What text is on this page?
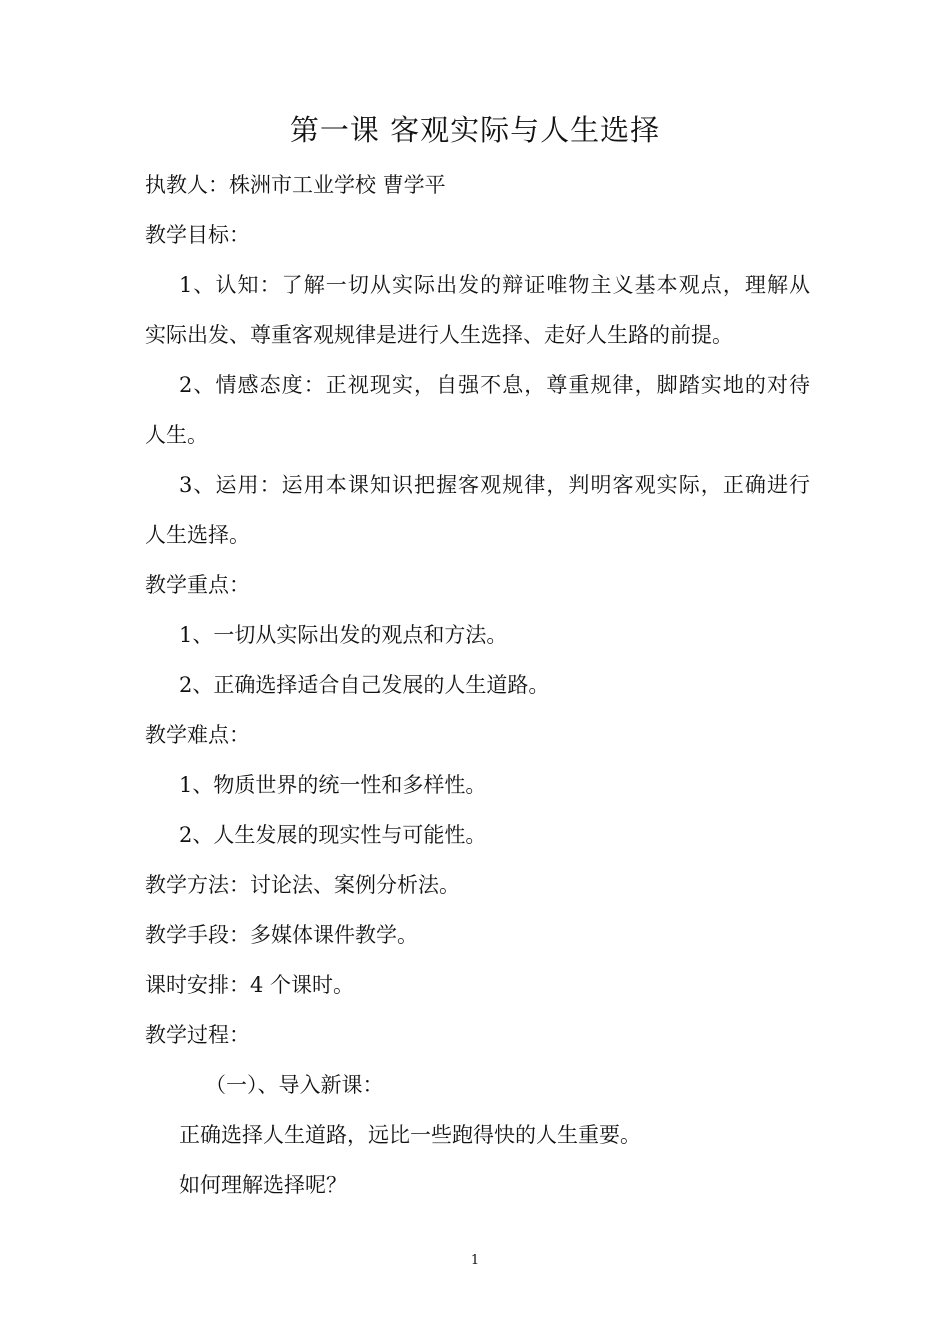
第一课 客观实际与人生选择
执教人：株洲市工业学校 曹学平
教学目标：
1、认知：了解一切从实际出发的辩证唯物主义基本观点，理解从
实际出发、尊重客观规律是进行人生选择、走好人生路的前提。
2、情感态度：正视现实，自强不息，尊重规律，脚踏实地的对待
人生。
3、运用：运用本课知识把握客观规律，判明客观实际，正确进行
人生选择。
教学重点：
1、一切从实际出发的观点和方法。
2、正确选择适合自己发展的人生道路。
教学难点：
1、物质世界的统一性和多样性。
2、人生发展的现实性与可能性。
教学方法：讨论法、案例分析法。
教学手段：多媒体课件教学。
课时安排：4 个课时。
教学过程：
（一）、导入新课：
正确选择人生道路，远比一些跑得快的人生重要。
如何理解选择呢？
1
